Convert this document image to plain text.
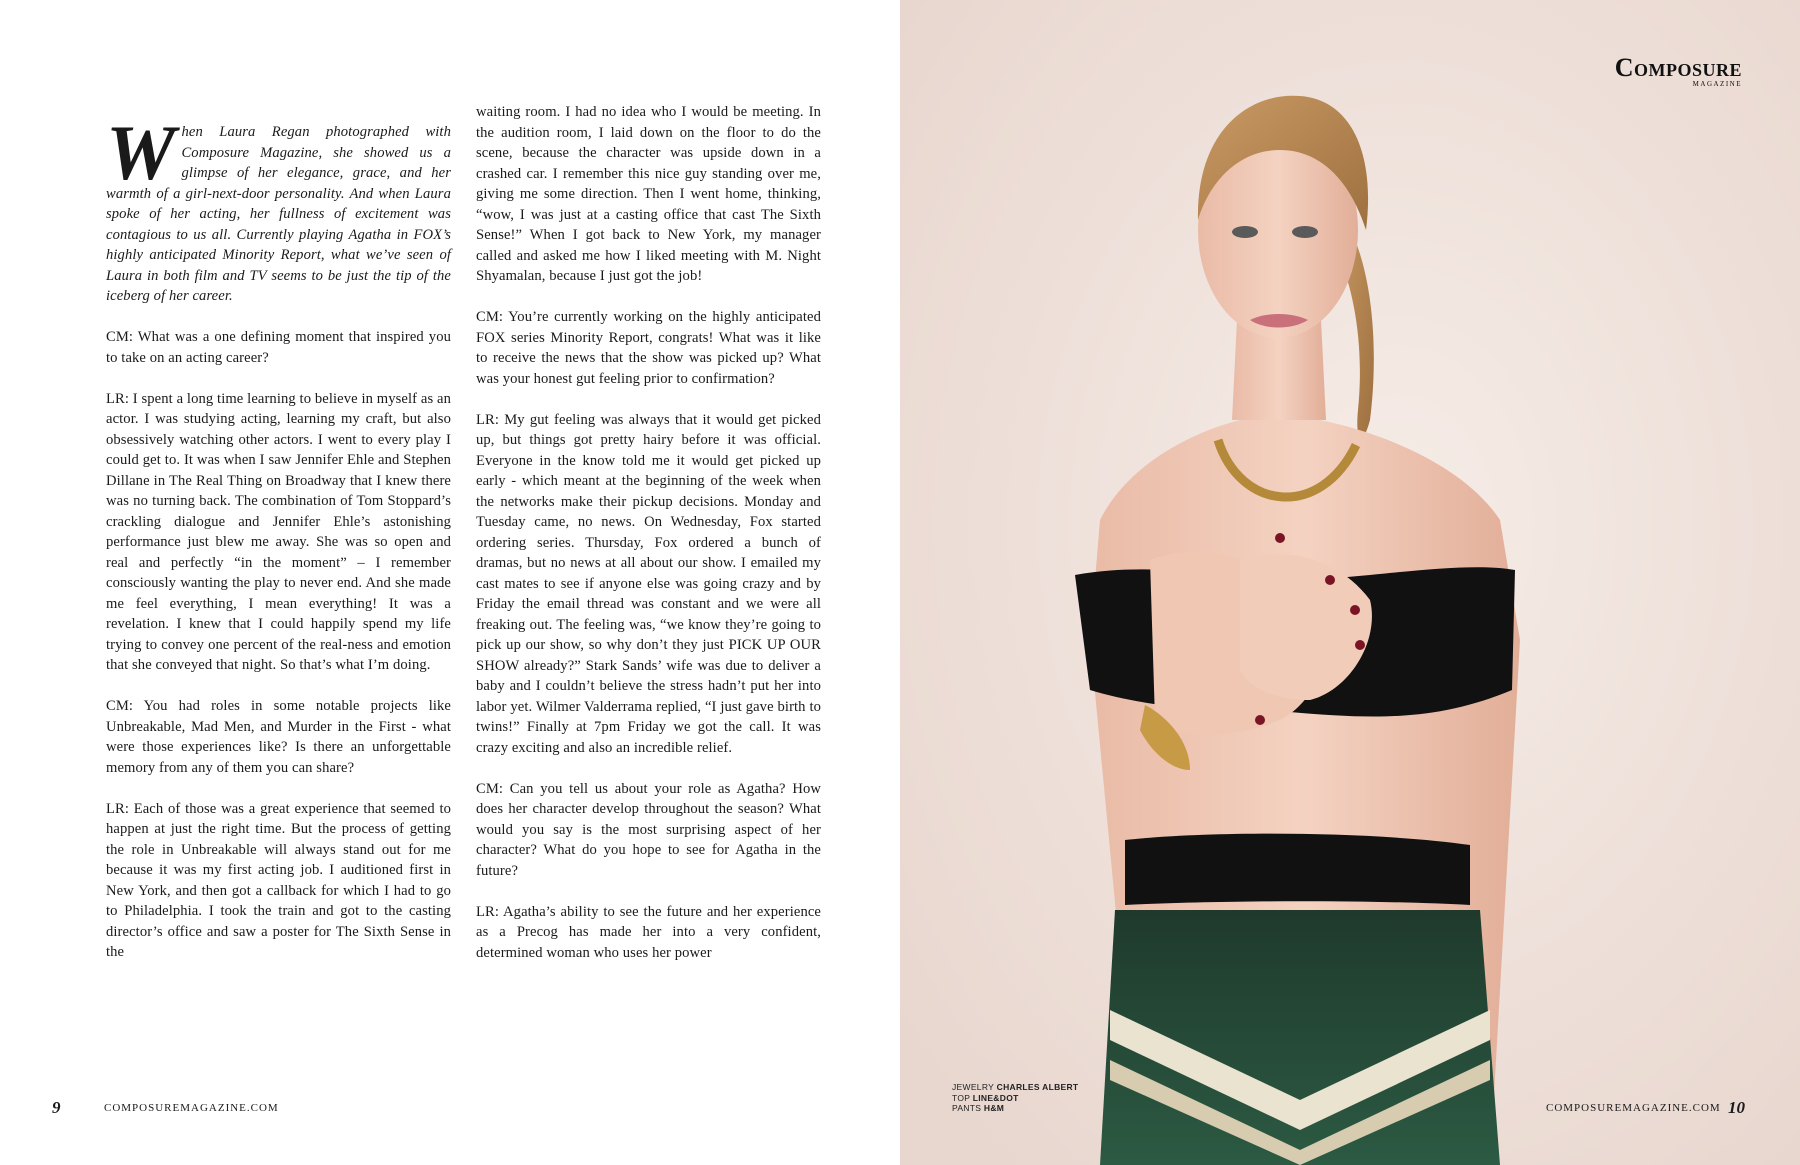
When Laura Regan photographed with Composure Magazine, she showed us a glimpse of her elegance, grace, and her warmth of a girl-next-door personality. And when Laura spoke of her acting, her fullness of excitement was contagious to us all. Currently playing Agatha in FOX’s highly anticipated Minority Report, what we’ve seen of Laura in both film and TV seems to be just the tip of the iceberg of her career.

CM: What was a one defining moment that inspired you to take on an acting career?

LR: I spent a long time learning to believe in myself as an actor. I was studying acting, learning my craft, but also obsessively watching other actors. I went to every play I could get to. It was when I saw Jennifer Ehle and Stephen Dillane in The Real Thing on Broadway that I knew there was no turning back. The combination of Tom Stoppard’s crackling dialogue and Jennifer Ehle’s astonishing performance just blew me away. She was so open and real and perfectly “in the moment” – I remember consciously wanting the play to never end. And she made me feel everything, I mean everything! It was a revelation. I knew that I could happily spend my life trying to convey one percent of the real-ness and emotion that she conveyed that night. So that’s what I’m doing.

CM: You had roles in some notable projects like Unbreakable, Mad Men, and Murder in the First - what were those experiences like? Is there an unforgettable memory from any of them you can share?

LR: Each of those was a great experience that seemed to happen at just the right time. But the process of getting the role in Unbreakable will always stand out for me because it was my first acting job. I auditioned first in New York, and then got a callback for which I had to go to Philadelphia. I took the train and got to the casting director’s office and saw a poster for The Sixth Sense in the

waiting room. I had no idea who I would be meeting. In the audition room, I laid down on the floor to do the scene, because the character was upside down in a crashed car. I remember this nice guy standing over me, giving me some direction. Then I went home, thinking, “wow, I was just at a casting office that cast The Sixth Sense!” When I got back to New York, my manager called and asked me how I liked meeting with M. Night Shyamalan, because I just got the job!

CM: You’re currently working on the highly anticipated FOX series Minority Report, congrats! What was it like to receive the news that the show was picked up? What was your honest gut feeling prior to confirmation?

LR: My gut feeling was always that it would get picked up, but things got pretty hairy before it was official. Everyone in the know told me it would get picked up early - which meant at the beginning of the week when the networks make their pickup decisions. Monday and Tuesday came, no news. On Wednesday, Fox started ordering series. Thursday, Fox ordered a bunch of dramas, but no news at all about our show. I emailed my cast mates to see if anyone else was going crazy and by Friday the email thread was constant and we were all freaking out. The feeling was, “we know they’re going to pick up our show, so why don’t they just PICK UP OUR SHOW already?” Stark Sands’ wife was due to deliver a baby and I couldn’t believe the stress hadn’t put her into labor yet. Wilmer Valderrama replied, “I just gave birth to twins!” Finally at 7pm Friday we got the call. It was crazy exciting and also an incredible relief.

CM: Can you tell us about your role as Agatha? How does her character develop throughout the season? What would you say is the most surprising aspect of her character? What do you hope to see for Agatha in the future?

LR: Agatha’s ability to see the future and her experience as a Precog has made her into a very confident, determined woman who uses her power

9	COMPOSUREMAGAZINE.COM
Composure
MAGAZINE
JEWELRY CHARLES ALBERT
TOP LINE&DOT
PANTS H&M	COMPOSUREMAGAZINE.COM 10
